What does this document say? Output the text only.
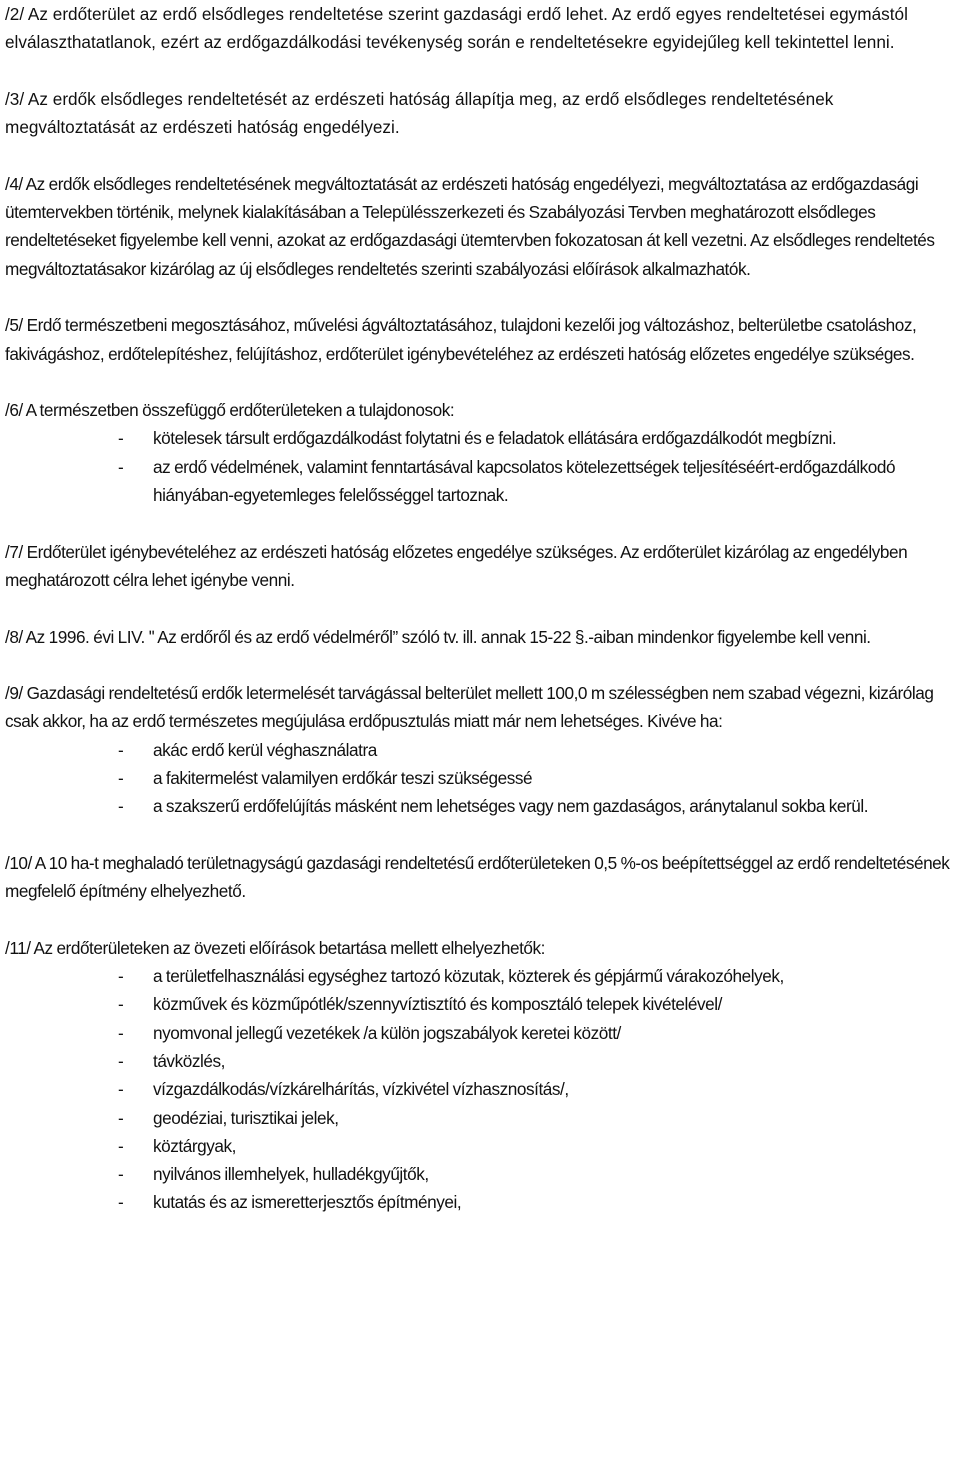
/2/ Az erdőterület az erdő elsődleges rendeltetése szerint gazdasági erdő lehet. Az erdő egyes rendeltetései egymástól elválaszthatatlanok, ezért az erdőgazdálkodási tevékenység során e rendeltetésekre egyidejűleg kell tekintettel lenni.

/3/ Az erdők elsődleges rendeltetését az erdészeti hatóság állapítja meg, az erdő elsődleges rendeltetésének megváltoztatását az erdészeti hatóság engedélyezi.

/4/ Az erdők elsődleges rendeltetésének megváltoztatását az erdészeti hatóság engedélyezi, megváltoztatása az erdőgazdasági ütemtervekben történik, melynek kialakításában a Településszerkezeti és Szabályozási Tervben meghatározott elsődleges rendeltetéseket figyelembe kell venni, azokat az erdőgazdasági ütemtervben fokozatosan át kell vezetni. Az elsődleges rendeltetés megváltoztatásakor kizárólag az új elsődleges rendeltetés szerinti szabályozási előírások alkalmazhatók.

/5/ Erdő természetbeni megosztásához, művelési ágváltoztatásához, tulajdoni kezelői jog változáshoz, belterületbe csatoláshoz, fakivágáshoz, erdőtelepítéshez, felújításhoz, erdőterület igénybevételéhez az erdészeti hatóság előzetes engedélye szükséges.

/6/ A természetben összefüggő erdőterületeken a tulajdonosok:

- kötelesek társult erdőgazdálkodást folytatni és e feladatok ellátására erdőgazdálkodót megbízni.
- az erdő védelmének, valamint fenntartásával kapcsolatos kötelezettségek teljesítéséért-erdőgazdálkodó hiányában-egyetemleges felelősséggel tartoznak.

/7/ Erdőterület igénybevételéhez az erdészeti hatóság előzetes engedélye szükséges. Az erdőterület kizárólag az engedélyben meghatározott célra lehet igénybe venni.

/8/ Az 1996. évi LIV. ʹʹ Az erdőről és az erdő védelméről” szóló tv. ill. annak 15-22 §.-aiban mindenkor figyelembe kell venni.

/9/ Gazdasági rendeltetésű erdők letermelését tarvágással belterület mellett 100,0 m szélességben nem szabad végezni, kizárólag csak akkor, ha az erdő természetes megújulása erdőpusztulás miatt már nem lehetséges. Kivéve ha:

- akác erdő kerül véghasználatra
- a fakitermelést valamilyen erdőkár teszi szükségessé
- a szakszerű erdőfelújítás másként nem lehetséges vagy nem gazdaságos, aránytalanul sokba kerül.

/10/ A 10 ha-t meghaladó területnagyságú gazdasági rendeltetésű erdőterületeken 0,5 %-os beépítettséggel az erdő rendeltetésének megfelelő építmény elhelyezhető.

/11/ Az erdőterületeken az övezeti előírások betartása mellett elhelyezhetők:

- a területfelhasználási egységhez tartozó közutak, közterek és gépjármű várakozóhelyek,
- közművek és közműpótlék/szennyvíztisztító és komposztáló telepek kivételével/
- nyomvonal jellegű vezetékek /a külön jogszabályok keretei között/
- távközlés,
- vízgazdálkodás/vízkárelhárítás, vízkivétel vízhasznosítás/,
- geodéziai, turisztikai jelek,
- köztárgyak,
- nyilvános illemhelyek, hulladékgyűjtők,
- kutatás és az ismeretterjesztős építményei,
